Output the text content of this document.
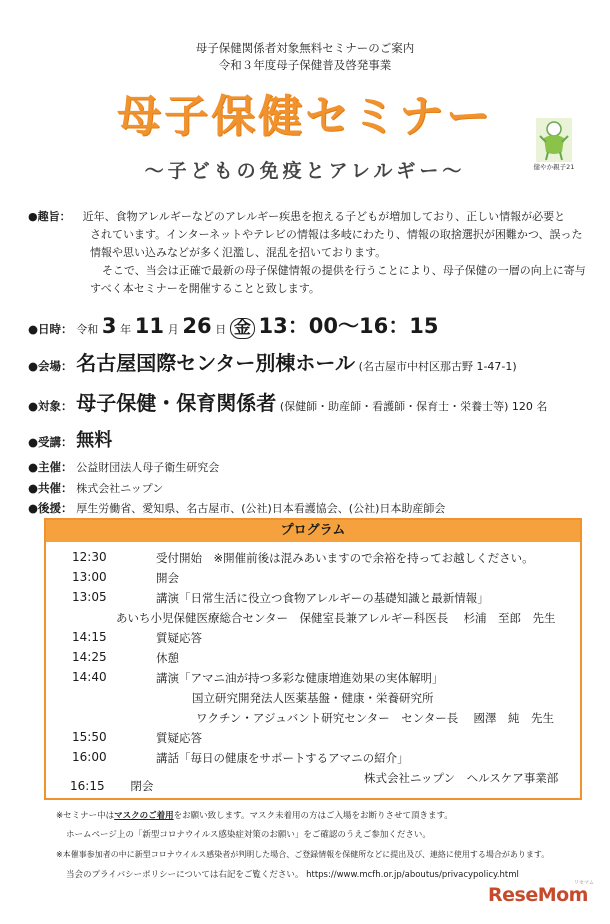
母子保健関係者対象無料セミナーのご案内
令和３年度母子保健普及啓発事業
母子保健セミナー
～子どもの免疫とアレルギー～	健やか親子21
●趣旨： 近年、食物アレルギーなどのアレルギー疾患を抱える子どもが増加しており、正しい情報が必要と
されています。インターネットやテレビの情報は多岐にわたり、情報の取捨選択が困難かつ、誤った
情報や思い込みなどが多く氾濫し、混乱を招いております。
そこで、当会は正確で最新の母子保健情報の提供を行うことにより、母子保健の一層の向上に寄与
すべく本セミナーを開催することと致します。
●日時： 令和 3 年 11 月 26 日 金 13：00～16：15
●会場： 名古屋国際センター別棟ホール (名古屋市中村区那古野 1-47-1)
●対象： 母子保健・保育関係者 (保健師・助産師・看護師・保育士・栄養士等) 120 名
●受講： 無料
●主催： 公益財団法人母子衛生研究会
●共催： 株式会社ニップン
●後援： 厚生労働省、愛知県、名古屋市、(公社)日本看護協会、(公社)日本助産師会
プログラム
12:30	受付開始　※開催前後は混みあいますので余裕を持ってお越しください。
13:00	開会
13:05	講演「日常生活に役立つ食物アレルギーの基礎知識と最新情報」
あいち小児保健医療総合センター　保健室長兼アレルギー科医長　 杉浦　至郎　先生
14:15	質疑応答
14:25	休憩
14:40	講演「アマニ油が持つ多彩な健康増進効果の実体解明」
国立研究開発法人医薬基盤・健康・栄養研究所
ワクチン・アジュバント研究センター　センター長　 國澤　純　先生
15:50	質疑応答
16:00	講話「毎日の健康をサポートするアマニの紹介」
株式会社ニップン　ヘルスケア事業部
16:15 閉会
※セミナー中はマスクのご着用をお願い致します。マスク未着用の方はご入場をお断りさせて頂きます。
ホームページ上の「新型コロナウイルス感染症対策のお願い」をご確認のうえご参加ください。
※本催事参加者の中に新型コロナウイルス感染者が判明した場合、ご登録情報を保健所などに提出及び、連絡に使用する場合があります。
当会のプライバシーポリシーについては右記をご覧ください。 https://www.mcfh.or.jp/aboutus/privacypolicy.html
ReseMom
リセマム
